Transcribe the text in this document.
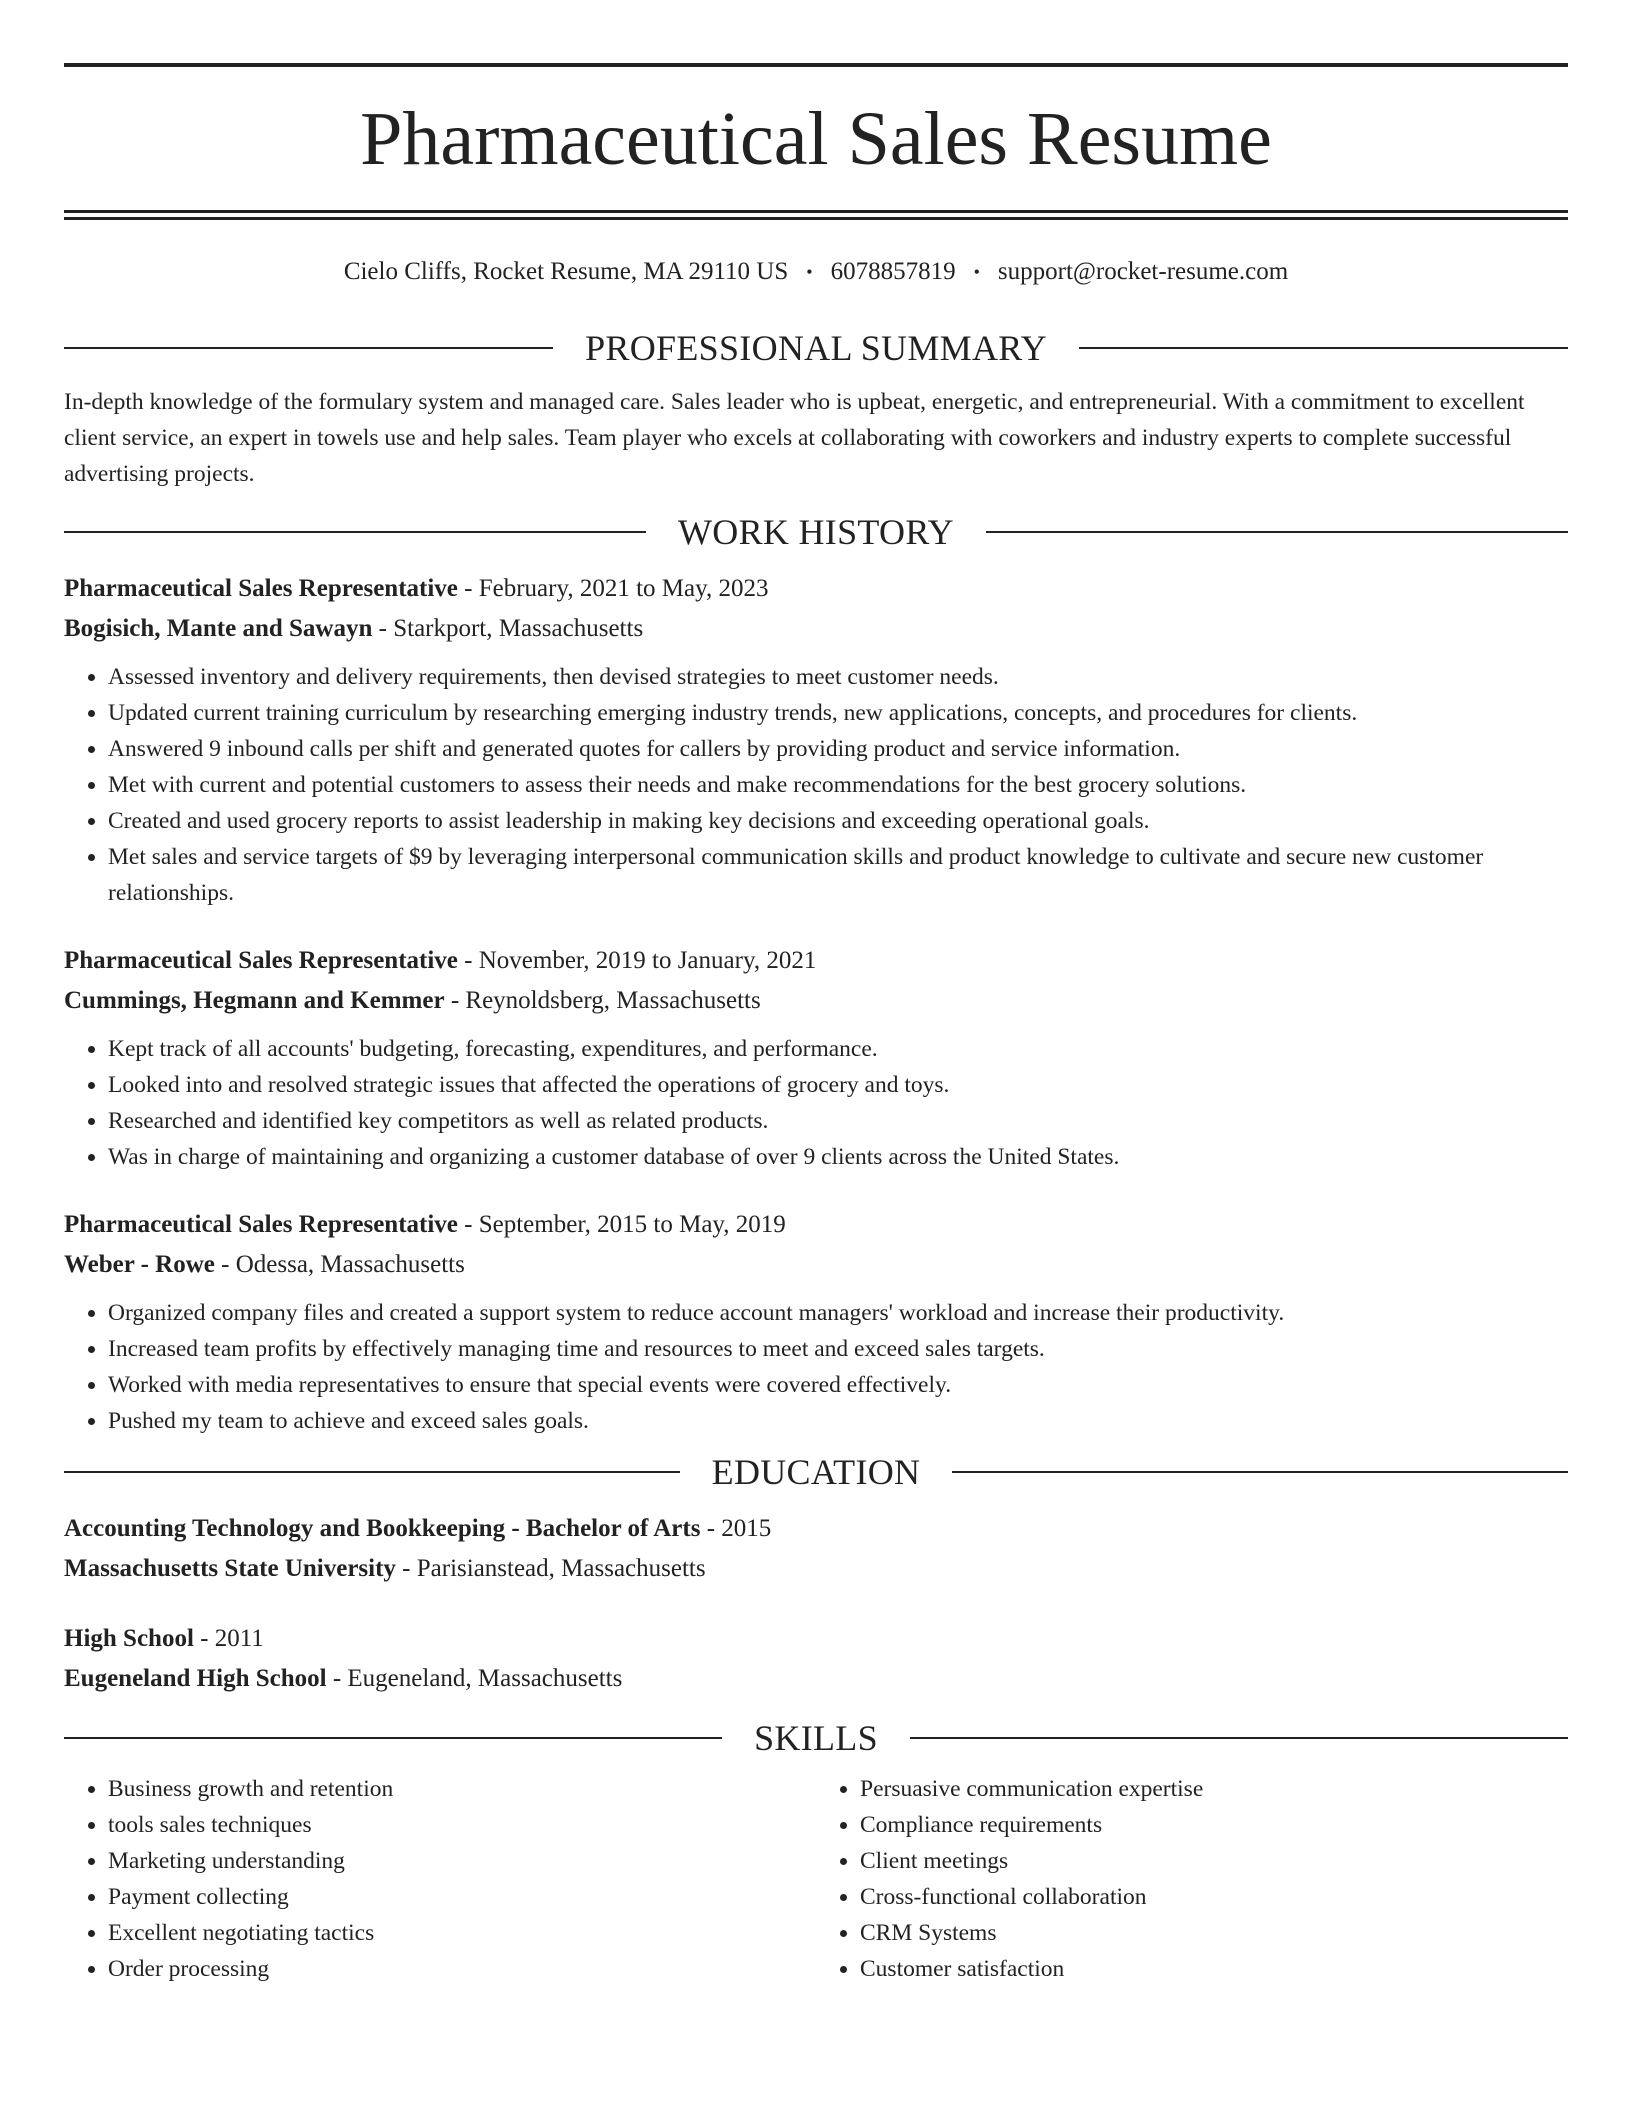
Pharmaceutical Sales Resume
Cielo Cliffs, Rocket Resume, MA 29110 US • 6078857819 • support@rocket-resume.com
PROFESSIONAL SUMMARY
In-depth knowledge of the formulary system and managed care. Sales leader who is upbeat, energetic, and entrepreneurial. With a commitment to excellent client service, an expert in towels use and help sales. Team player who excels at collaborating with coworkers and industry experts to complete successful advertising projects.
WORK HISTORY
Pharmaceutical Sales Representative - February, 2021 to May, 2023
Bogisich, Mante and Sawayn - Starkport, Massachusetts
• Assessed inventory and delivery requirements, then devised strategies to meet customer needs.
• Updated current training curriculum by researching emerging industry trends, new applications, concepts, and procedures for clients.
• Answered 9 inbound calls per shift and generated quotes for callers by providing product and service information.
• Met with current and potential customers to assess their needs and make recommendations for the best grocery solutions.
• Created and used grocery reports to assist leadership in making key decisions and exceeding operational goals.
• Met sales and service targets of $9 by leveraging interpersonal communication skills and product knowledge to cultivate and secure new customer relationships.
Pharmaceutical Sales Representative - November, 2019 to January, 2021
Cummings, Hegmann and Kemmer - Reynoldsberg, Massachusetts
• Kept track of all accounts' budgeting, forecasting, expenditures, and performance.
• Looked into and resolved strategic issues that affected the operations of grocery and toys.
• Researched and identified key competitors as well as related products.
• Was in charge of maintaining and organizing a customer database of over 9 clients across the United States.
Pharmaceutical Sales Representative - September, 2015 to May, 2019
Weber - Rowe - Odessa, Massachusetts
• Organized company files and created a support system to reduce account managers' workload and increase their productivity.
• Increased team profits by effectively managing time and resources to meet and exceed sales targets.
• Worked with media representatives to ensure that special events were covered effectively.
• Pushed my team to achieve and exceed sales goals.
EDUCATION
Accounting Technology and Bookkeeping - Bachelor of Arts - 2015
Massachusetts State University - Parisianstead, Massachusetts
High School - 2011
Eugeneland High School - Eugeneland, Massachusetts
SKILLS
• Business growth and retention
• tools sales techniques
• Marketing understanding
• Payment collecting
• Excellent negotiating tactics
• Order processing
• Persuasive communication expertise
• Compliance requirements
• Client meetings
• Cross-functional collaboration
• CRM Systems
• Customer satisfaction
